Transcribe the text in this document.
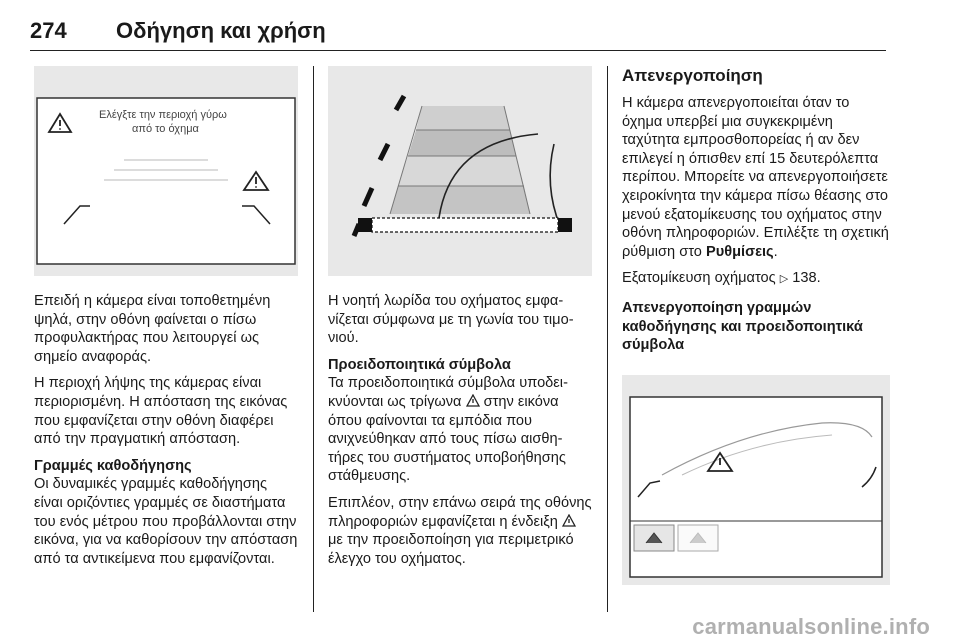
274 Οδήγηση και χρήση
Ελέγξτε την περιοχή γύρω
από το όχημα

Επειδή η κάμερα είναι τοποθετημένη ψηλά, στην οθόνη φαίνεται ο πίσω προφυλακτήρας που λειτουργεί ως σημείο αναφοράς.

Η περιοχή λήψης της κάμερας είναι περιορισμένη. Η απόσταση της εικόνας που εμφανίζεται στην οθόνη διαφέρει από την πραγματική απόσταση.

Γραμμές καθοδήγησης

Οι δυναμικές γραμμές καθοδήγησης είναι οριζόντιες γραμμές σε διαστήματα του ενός μέτρου που προβάλλονται στην εικόνα, για να καθορίσουν την απόσταση από τα αντικείμενα που εμφανίζονται.

Η νοητή λωρίδα του οχήματος εμφανίζεται σύμφωνα με τη γωνία του τιμονιού.

Προειδοποιητικά σύμβολα

Τα προειδοποιητικά σύμβολα υποδεικνύονται ως τρίγωνα στην εικόνα όπου φαίνονται τα εμπόδια που ανιχνεύθηκαν από τους πίσω αισθητήρες του συστήματος υποβοήθησης στάθμευσης.

Επιπλέον, στην επάνω σειρά της οθόνης πληροφοριών εμφανίζεται η ένδειξη  με την προειδοποίηση για περιμετρικό έλεγχο του οχήματος.

Απενεργοποίηση

Η κάμερα απενεργοποιείται όταν το όχημα υπερβεί μια συγκεκριμένη ταχύτητα εμπροσθοπορείας ή αν δεν επιλεγεί η όπισθεν επί 15 δευτερόλεπτα περίπου. Μπορείτε να απενεργοποιήσετε χειροκίνητα την κάμερα πίσω θέασης στο μενού εξατομίκευσης του οχήματος στην οθόνη πληροφοριών. Επιλέξτε τη σχετική ρύθμιση στο Ρυθμίσεις.

Εξατομίκευση οχήματος ▷ 138.

Απενεργοποίηση γραμμών καθοδήγησης και προειδοποιητικά σύμβολα

carmanualsonline.info
